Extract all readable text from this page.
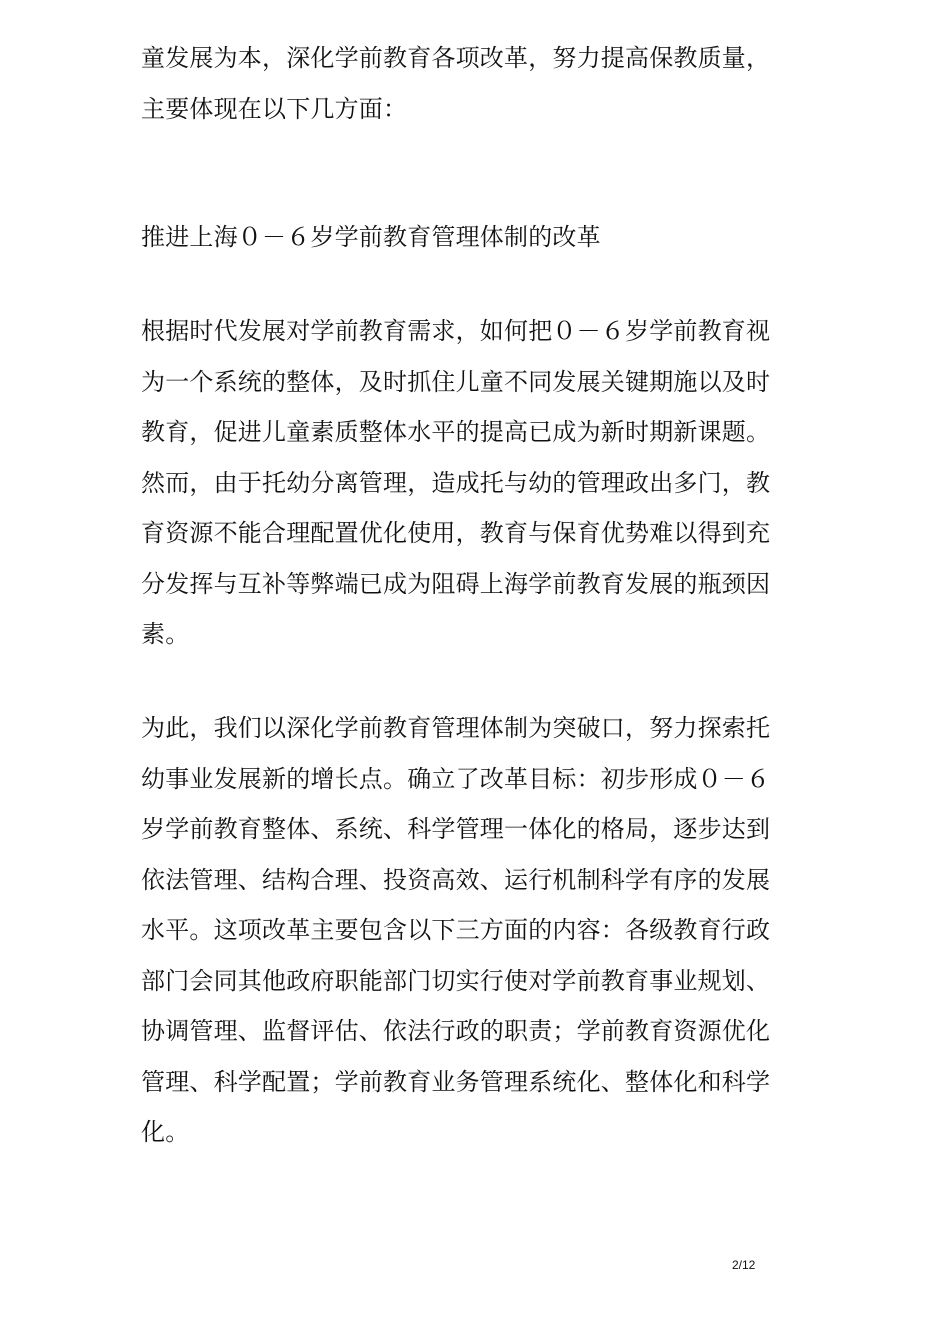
童发展为本，深化学前教育各项改革，努力提高保教质量，
主要体现在以下几方面：
推进上海０－６岁学前教育管理体制的改革
根据时代发展对学前教育需求，如何把０－６岁学前教育视
为一个系统的整体，及时抓住儿童不同发展关键期施以及时
教育，促进儿童素质整体水平的提高已成为新时期新课题。
然而，由于托幼分离管理，造成托与幼的管理政出多门，教
育资源不能合理配置优化使用，教育与保育优势难以得到充
分发挥与互补等弊端已成为阻碍上海学前教育发展的瓶颈因
素。
为此，我们以深化学前教育管理体制为突破口，努力探索托
幼事业发展新的增长点。确立了改革目标：初步形成０－６
岁学前教育整体、系统、科学管理一体化的格局，逐步达到
依法管理、结构合理、投资高效、运行机制科学有序的发展
水平。这项改革主要包含以下三方面的内容：各级教育行政
部门会同其他政府职能部门切实行使对学前教育事业规划、
协调管理、监督评估、依法行政的职责；学前教育资源优化
管理、科学配置；学前教育业务管理系统化、整体化和科学
化。
2/12
